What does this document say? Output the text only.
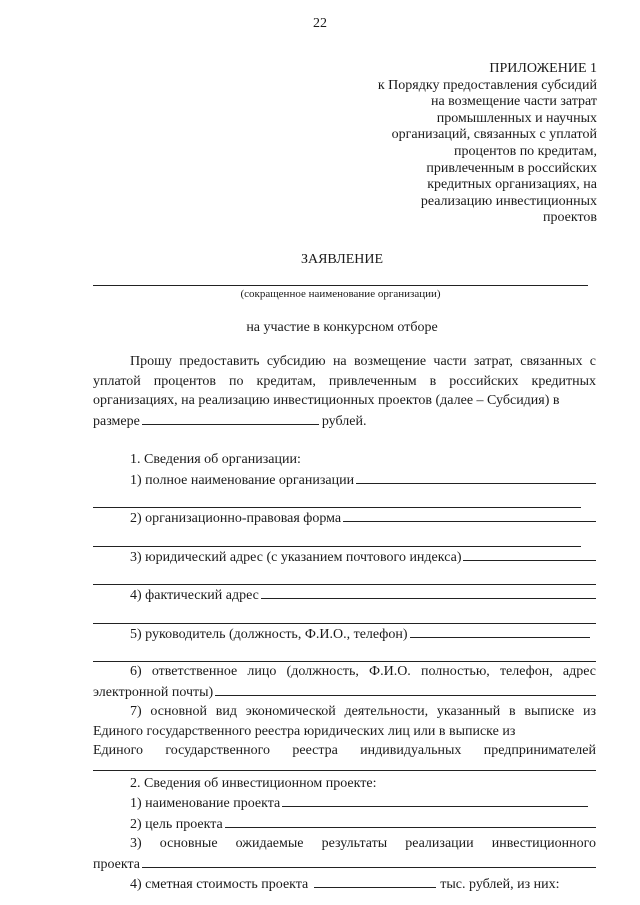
22
ПРИЛОЖЕНИЕ 1
к Порядку предоставления субсидий
на возмещение части затрат
промышленных и научных
организаций, связанных с уплатой
процентов по кредитам,
привлеченным в российских
кредитных организациях, на
реализацию инвестиционных
проектов
ЗАЯВЛЕНИЕ
(сокращенное наименование организации)
на участие в конкурсном отборе

Прошу предоставить субсидию на возмещение части затрат, связанных с уплатой процентов по кредитам, привлеченным в российских кредитных организациях, на реализацию инвестиционных проектов (далее – Субсидия) в
размере	рублей.

1. Сведения об организации:
1) полное наименование организации
2) организационно-правовая форма
3) юридический адрес (с указанием почтового индекса)
4) фактический адрес
5) руководитель (должность, Ф.И.О., телефон)
6) ответственное лицо (должность, Ф.И.О. полностью, телефон, адрес
электронной почты)

7) основной вид экономической деятельности, указанный в выписке из Единого государственного реестра юридических лиц или в выписке из

Единого государственного реестра индивидуальных предпринимателей
2. Сведения об инвестиционном проекте:
1) наименование проекта
2) цель проекта
3) основные ожидаемые результаты реализации инвестиционного
проекта
4) сметная стоимость проекта	тыс. рублей, из них:
